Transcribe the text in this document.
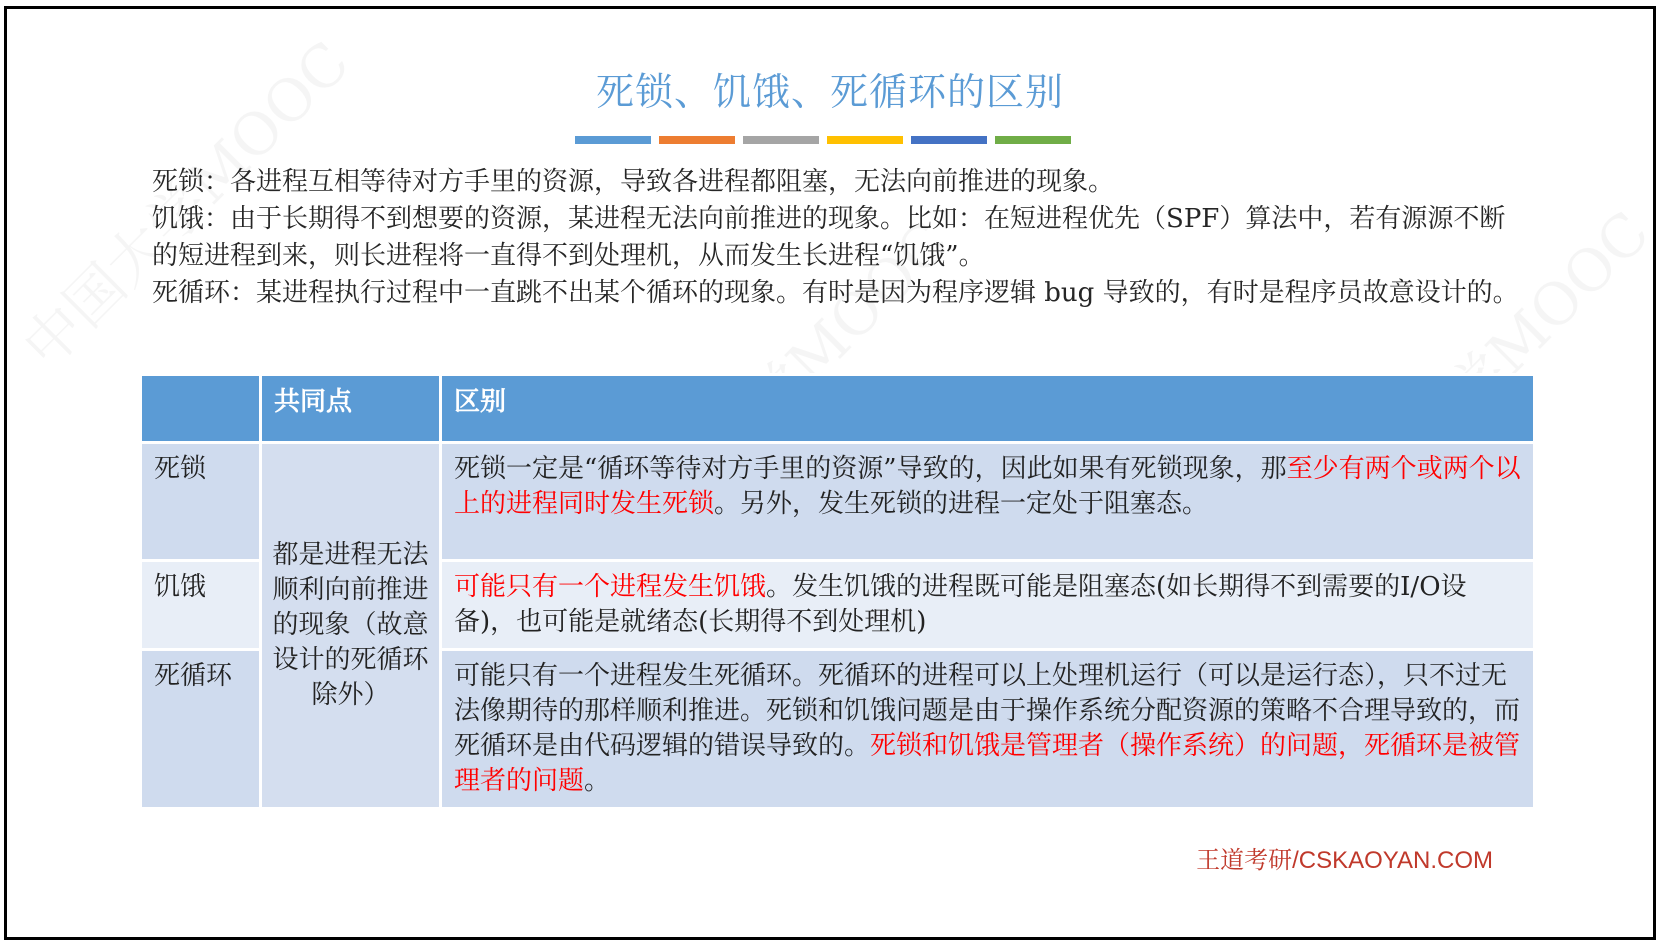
死锁、饥饿、死循环的区别

死锁：各进程互相等待对方手里的资源，导致各进程都阻塞，无法向前推进的现象。

饥饿：由于长期得不到想要的资源，某进程无法向前推进的现象。比如：在短进程优先（SPF）算法中，若有源源不断的短进程到来，则长进程将一直得不到处理机，从而发生长进程“饥饿”。

死循环：某进程执行过程中一直跳不出某个循环的现象。有时是因为程序逻辑 bug 导致的，有时是程序员故意设计的。

	共同点	区别
死锁	都是进程无法顺利向前推进的现象（故意设计的死循环除外）	死锁一定是“循环等待对方手里的资源”导致的，因此如果有死锁现象，那至少有两个或两个以上的进程同时发生死锁。另外，发生死锁的进程一定处于阻塞态。
饥饿		可能只有一个进程发生饥饿。发生饥饿的进程既可能是阻塞态(如长期得不到需要的I/O设备)，也可能是就绪态(长期得不到处理机)
死循环		可能只有一个进程发生死循环。死循环的进程可以上处理机运行（可以是运行态），只不过无法像期待的那样顺利推进。死锁和饥饿问题是由于操作系统分配资源的策略不合理导致的，而死循环是由代码逻辑的错误导致的。死锁和饥饿是管理者（操作系统）的问题，死循环是被管理者的问题。
王道考研/CSKAOYAN.COM
